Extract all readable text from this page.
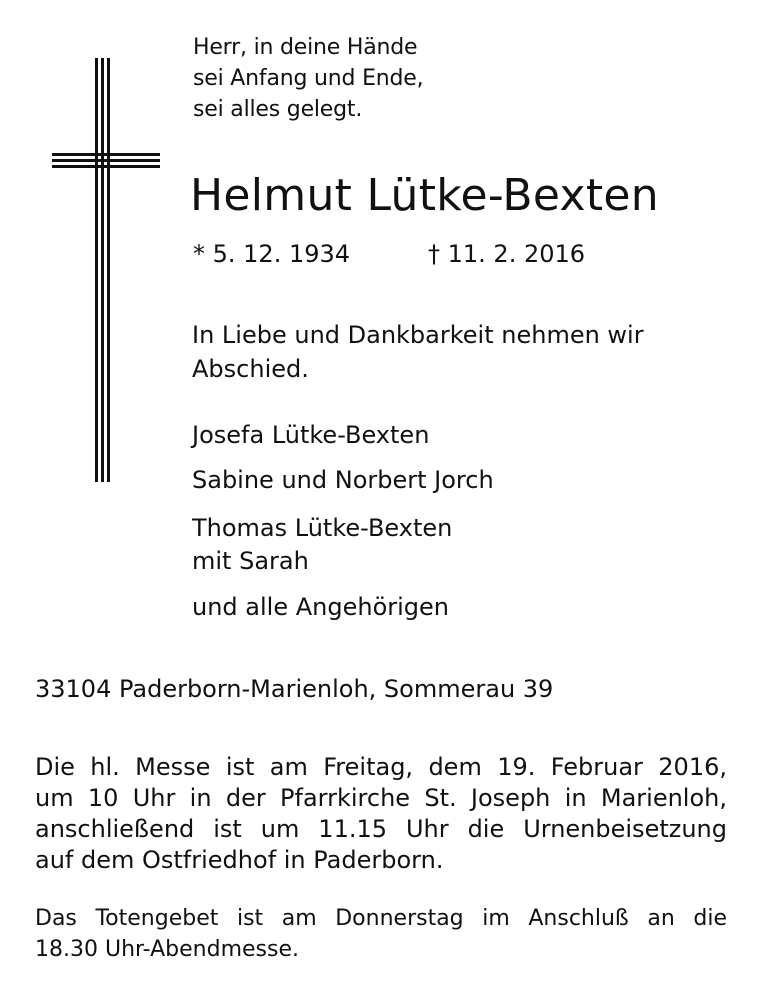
Herr, in deine Hände
sei Anfang und Ende,
sei alles gelegt.
Helmut Lütke-Bexten
* 5. 12. 1934	† 11. 2. 2016
In Liebe und Dankbarkeit nehmen wir
Abschied.
Josefa Lütke-Bexten
Sabine und Norbert Jorch
Thomas Lütke-Bexten
mit Sarah
und alle Angehörigen
33104 Paderborn-Marienloh, Sommerau 39
Die hl. Messe ist am Freitag, dem 19. Februar 2016,
um 10 Uhr in der Pfarrkirche St. Joseph in Marienloh,
anschließend ist um 11.15 Uhr die Urnenbeisetzung
auf dem Ostfriedhof in Paderborn.
Das Totengebet ist am Donnerstag im Anschluß an die
18.30 Uhr-Abendmesse.
